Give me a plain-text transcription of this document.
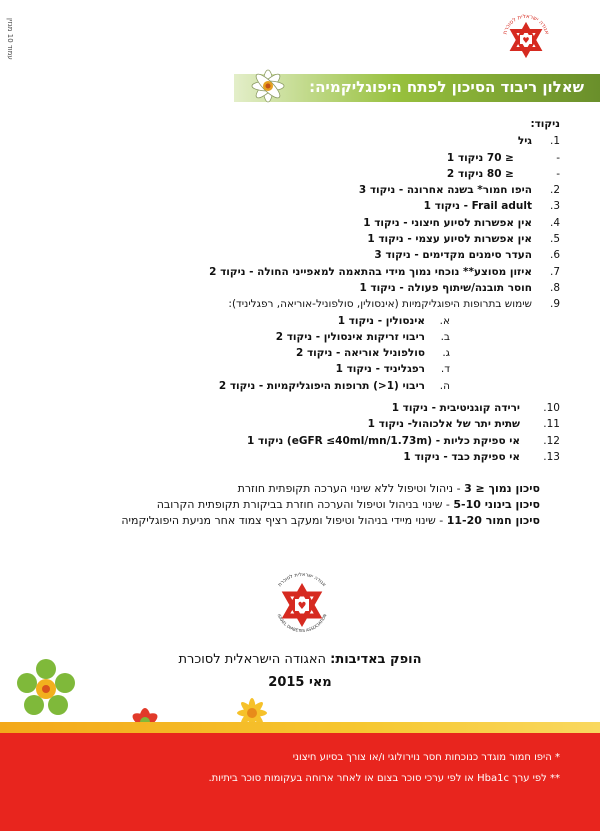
עמוד 10 מגזין
אגודה ישראלית לסוכרת
♥
שאלון ריבוד הסיכון לפתח היפוגליקמיה:
ניקוד:
1.
גיל
-
≤ 70 ניקוד 1
-
≤ 80 ניקוד 2
2.
היפו חמור* בשנה אחרונה - ניקוד 3
3.
Frail adult - ניקוד 1
4.
אין אפשרות לסיוע חיצוני - ניקוד 1
5.
אין אפשרות לסיוע עצמי - ניקוד 1
6.
העדר סימנים מקדימים - ניקוד 3
7.
איזון מסוצע** נוכחי נמוך מידי בהתאמה למאפייני החולה - ניקוד 2
8.
חוסר תובנה/שיתוף פעולה - ניקוד 1
9.
שימוש בתרופות היפוגליקמיות (אינסולין, סולפוניל-אוריאה, רפגליניד):
א.
אינסולין - ניקוד 1
ב.
ריבוי זריקות אינסולין - ניקוד 2
ג.
סולפוניל אוריאה - ניקוד 2
ד.
רפגליניד - ניקוד 1
ה.
ריבוי (1<) תרופות היפוגליקמיות - ניקוד 2
10.
ירידה קוגניטיבית - ניקוד 1
11.
שתית יתר של אלכוהול- ניקוד 1
12.
אי ספיקת כליות - (eGFR ≤40ml/mn/1.73m) ניקוד 1
13.
אי ספיקת כבד - ניקוד 1
סיכון נמוך ≤ 3 - ניהול וטיפול ללא שינוי הערכה תקופתית חוזרת
סיכון בינוני 5-10 - שינוי בניהול וטיפול והערכה חוזרת בביקורת תקופתית הקרובה
סיכון חמור 11-20 - שינוי מיידי בניהול וטיפול ומעקב רציף צמוד אחר מניעת היפוגליקמיה
אגודה ישראלית לסוכרת
ISRAEL DIABETES ASSOCIATION
♥
הופק באדיבות: האגודה הישראלית לסוכרת
מאי 2015
* היפו חמור מוגדר כנוכחות חסר נוירולוגי ו/או צורך בסיוע חיצוני
** לפי ערך Hba1c או לפי ערכי סוכר בצום או לאחר ארוחה בעקומות סוכר ביתיות.
